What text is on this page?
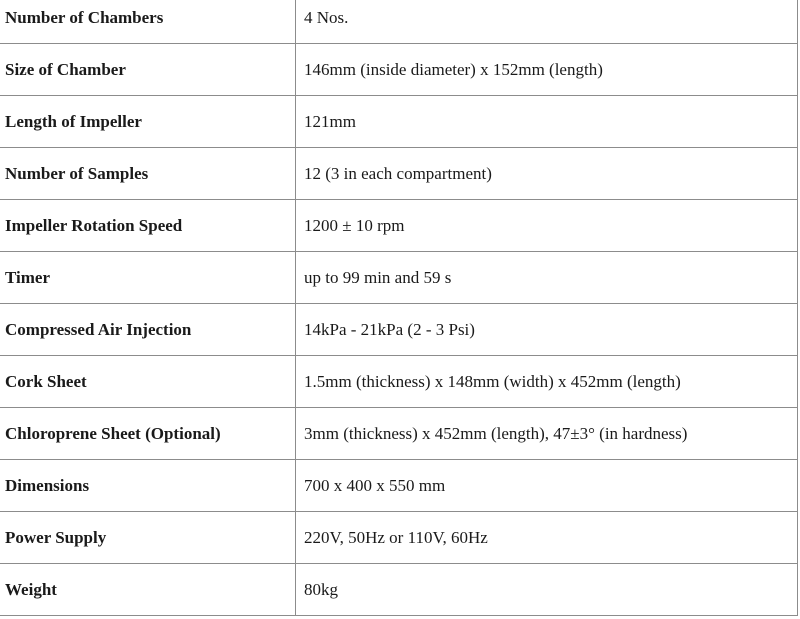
Number of Chambers	4 Nos.
Size of Chamber	146mm (inside diameter) x 152mm (length)
Length of Impeller	121mm
Number of Samples	12 (3 in each compartment)
Impeller Rotation Speed	1200 ± 10 rpm
Timer	up to 99 min and 59 s
Compressed Air Injection	14kPa - 21kPa (2 - 3 Psi)
Cork Sheet	1.5mm (thickness) x 148mm (width) x 452mm (length)
Chloroprene Sheet (Optional)	3mm (thickness) x 452mm (length), 47±3° (in hardness)
Dimensions	700 x 400 x 550 mm
Power Supply	220V, 50Hz or 110V, 60Hz
Weight	80kg
